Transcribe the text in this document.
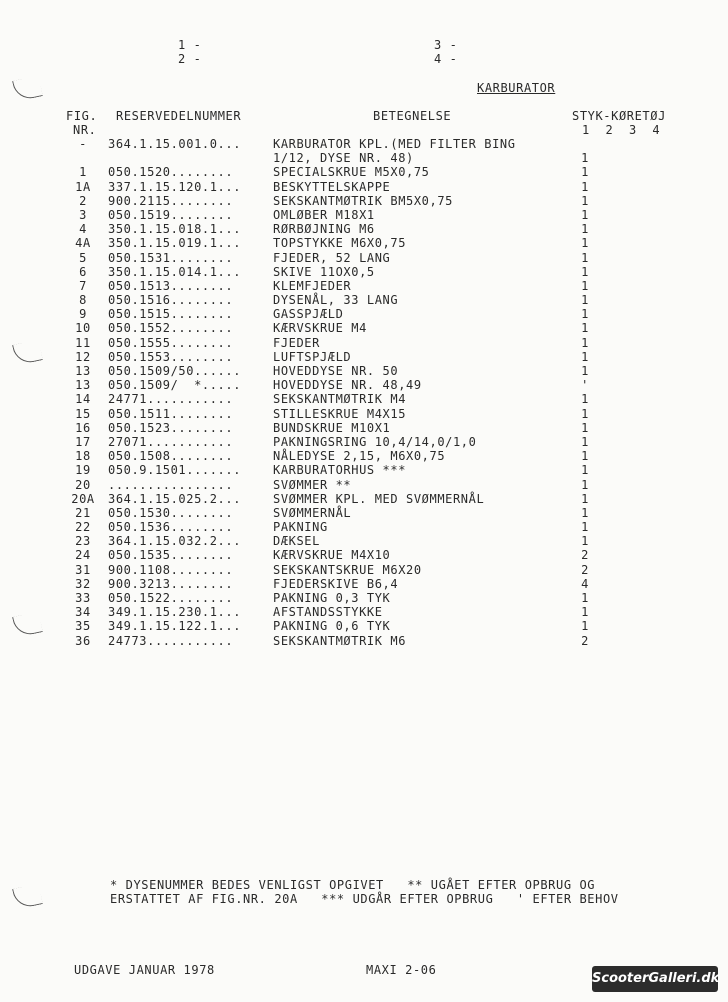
1 -
2 -
3 -
4 -
KARBURATOR
FIG.
NR.
RESERVEDELNUMMER	BETEGNELSE	STYK-KØRETØJ
1  2  3  4
-	364.1.15.001.0...	KARBURATOR KPL.(MED FILTER BING
1/12, DYSE NR. 48)	1
1	050.1520........	SPECIALSKRUE M5X0,75	1
1A	337.1.15.120.1...	BESKYTTELSKAPPE	1
2	900.2115........	SEKSKANTMØTRIK BM5X0,75	1
3	050.1519........	OMLØBER M18X1	1
4	350.1.15.018.1...	RØRBØJNING M6	1
4A	350.1.15.019.1...	TOPSTYKKE M6X0,75	1
5	050.1531........	FJEDER, 52 LANG	1
6	350.1.15.014.1...	SKIVE 11OX0,5	1
7	050.1513........	KLEMFJEDER	1
8	050.1516........	DYSENÅL, 33 LANG	1
9	050.1515........	GASSPJÆLD	1
10	050.1552........	KÆRVSKRUE M4	1
11	050.1555........	FJEDER	1
12	050.1553........	LUFTSPJÆLD	1
13	050.1509/50......	HOVEDDYSE NR. 50	1
13	050.1509/  *.....	HOVEDDYSE NR. 48,49	'
14	24771...........	SEKSKANTMØTRIK M4	1
15	050.1511........	STILLESKRUE M4X15	1
16	050.1523........	BUNDSKRUE M10X1	1
17	27071...........	PAKNINGSRING 10,4/14,0/1,0	1
18	050.1508........	NÅLEDYSE 2,15, M6X0,75	1
19	050.9.1501.......	KARBURATORHUS ***	1
20	................	SVØMMER **	1
20A	364.1.15.025.2...	SVØMMER KPL. MED SVØMMERNÅL	1
21	050.1530........	SVØMMERNÅL	1
22	050.1536........	PAKNING	1
23	364.1.15.032.2...	DÆKSEL	1
24	050.1535........	KÆRVSKRUE M4X10	2
31	900.1108........	SEKSKANTSKRUE M6X20	2
32	900.3213........	FJEDERSKIVE B6,4	4
33	050.1522........	PAKNING 0,3 TYK	1
34	349.1.15.230.1...	AFSTANDSSTYKKE	1
35	349.1.15.122.1...	PAKNING 0,6 TYK	1
36	24773...........	SEKSKANTMØTRIK M6	2
* DYSENUMMER BEDES VENLIGST OPGIVET   ** UGÅET EFTER OPBRUG OG
ERSTATTET AF FIG.NR. 20A   *** UDGÅR EFTER OPBRUG   ' EFTER BEHOV
UDGAVE JANUAR 1978	MAXI 2-06
ScooterGalleri.dk
